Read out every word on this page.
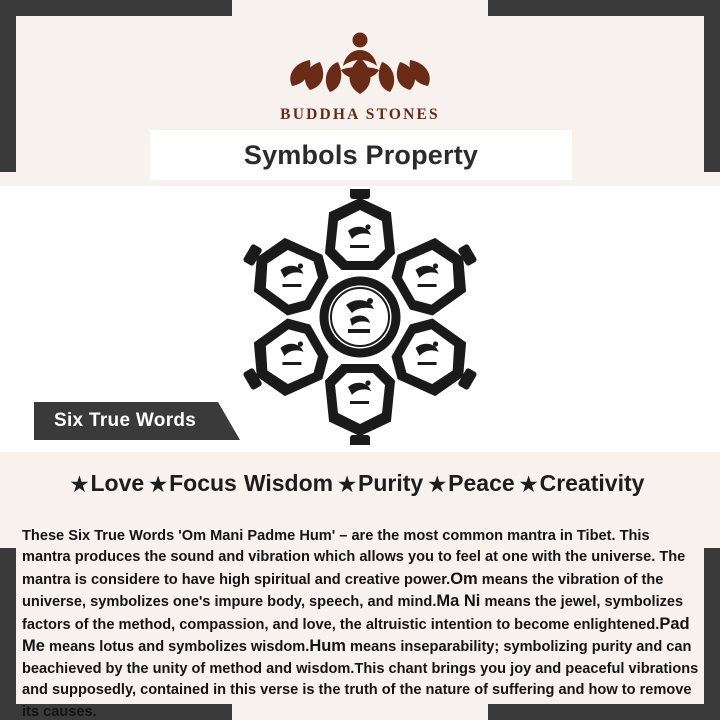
BUDDHA STONES
Symbols Property
Six True Words
★ Love ★ Focus Wisdom ★ Purity ★ Peace ★ Creativity

These Six True Words 'Om Mani Padme Hum' – are the most common mantra in Tibet. This mantra produces the sound and vibration which allows you to feel at one with the universe. The mantra is considere to have high spiritual and creative power.Om means the vibration of the universe, symbolizes one's impure body, speech, and mind.Ma Ni means the jewel, symbolizes factors of the method, compassion, and love, the altruistic intention to become enlightened.Pad Me means lotus and symbolizes wisdom.Hum means inseparability; symbolizing purity and can beachieved by the unity of method and wisdom.This chant brings you joy and peaceful vibrations and supposedly, contained in this verse is the truth of the nature of suffering and how to remove its causes.
